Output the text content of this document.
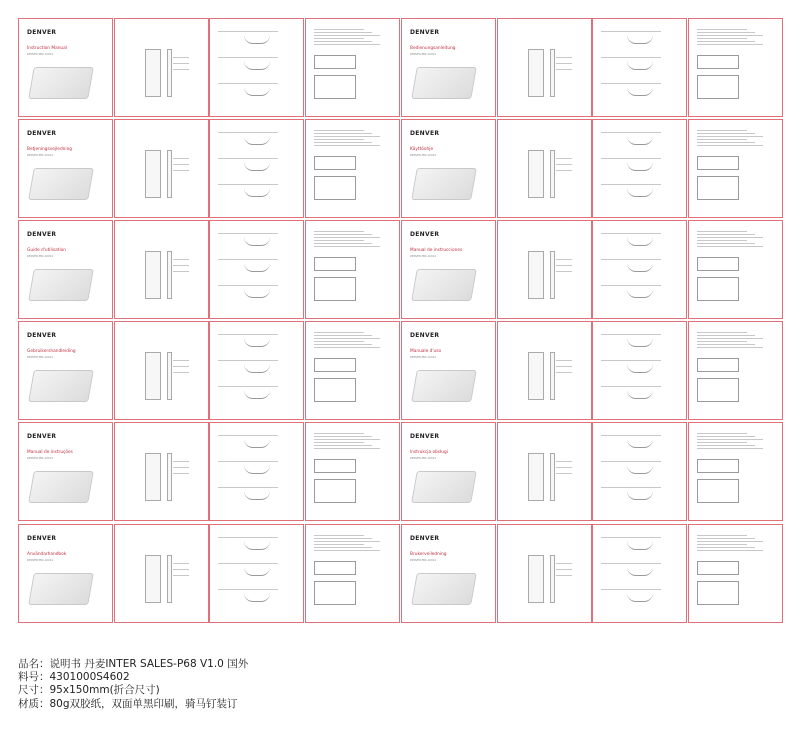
DENVER
Instruction Manual
DENVER PBC-10014
DENVER
Bedienungsanleitung
DENVER PBC-10014
DENVER
Betjeningsvejledning
DENVER PBC-10014
DENVER
Käyttöohje
DENVER PBC-10014
DENVER
Guide d'utilisation
DENVER PBC-10014
DENVER
Manual de instrucciones
DENVER PBC-10014
DENVER
Gebruikershandleiding
DENVER PBC-10014
DENVER
Manuale d'uso
DENVER PBC-10014
DENVER
Manual de instruções
DENVER PBC-10014
DENVER
Instrukcja obsługi
DENVER PBC-10014
DENVER
Användarhandbok
DENVER PBC-10014
DENVER
Brukerveiledning
DENVER PBC-10014
品名：说明书 丹麦INTER SALES-P68 V1.0 国外
料号：4301000S4602
尺寸：95x150mm(折合尺寸)
材质：80g双胶纸，双面单黑印刷，骑马钉装订
